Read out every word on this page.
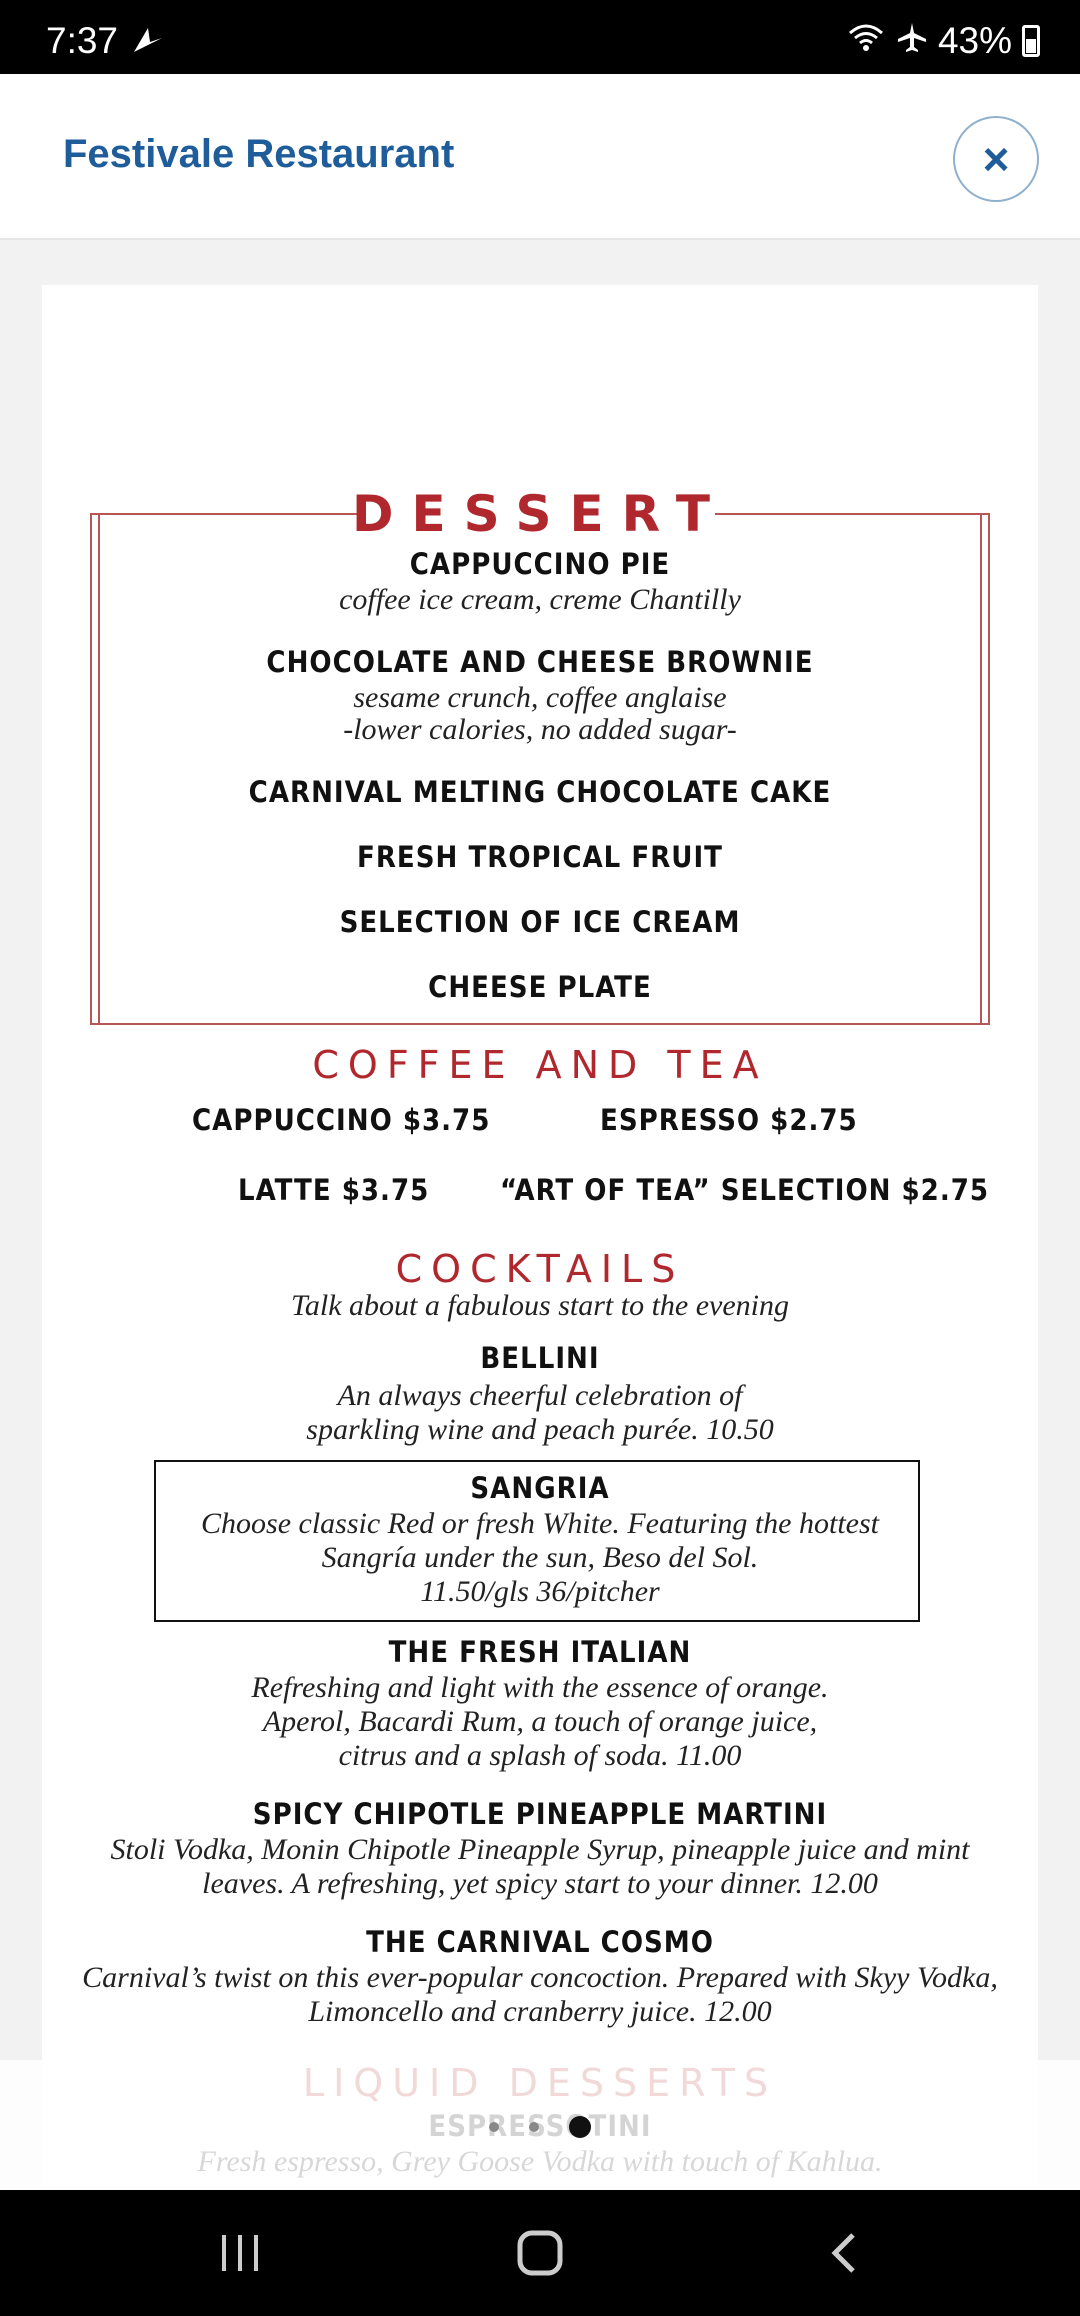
7:37	43%
Festivale Restaurant	×
DESSERT
CAPPUCCINO PIE
coffee ice cream, creme Chantilly
CHOCOLATE AND CHEESE BROWNIE
sesame crunch, coffee anglaise
-lower calories, no added sugar-
CARNIVAL MELTING CHOCOLATE CAKE
FRESH TROPICAL FRUIT
SELECTION OF ICE CREAM
CHEESE PLATE
COFFEE AND TEA
CAPPUCCINO $3.75	ESPRESSO $2.75
LATTE $3.75 “ART OF TEA” SELECTION $2.75
COCKTAILS
Talk about a fabulous start to the evening
BELLINI
An always cheerful celebration of
sparkling wine and peach purée. 10.50
SANGRIA
Choose classic Red or fresh White. Featuring the hottest
Sangría under the sun, Beso del Sol.
11.50/gls 36/pitcher
THE FRESH ITALIAN
Refreshing and light with the essence of orange.
Aperol, Bacardi Rum, a touch of orange juice,
citrus and a splash of soda. 11.00
SPICY CHIPOTLE PINEAPPLE MARTINI
Stoli Vodka, Monin Chipotle Pineapple Syrup, pineapple juice and mint
leaves. A refreshing, yet spicy start to your dinner. 12.00
THE CARNIVAL COSMO
Carnival’s twist on this ever-popular concoction. Prepared with Skyy Vodka,
Limoncello and cranberry juice. 12.00
